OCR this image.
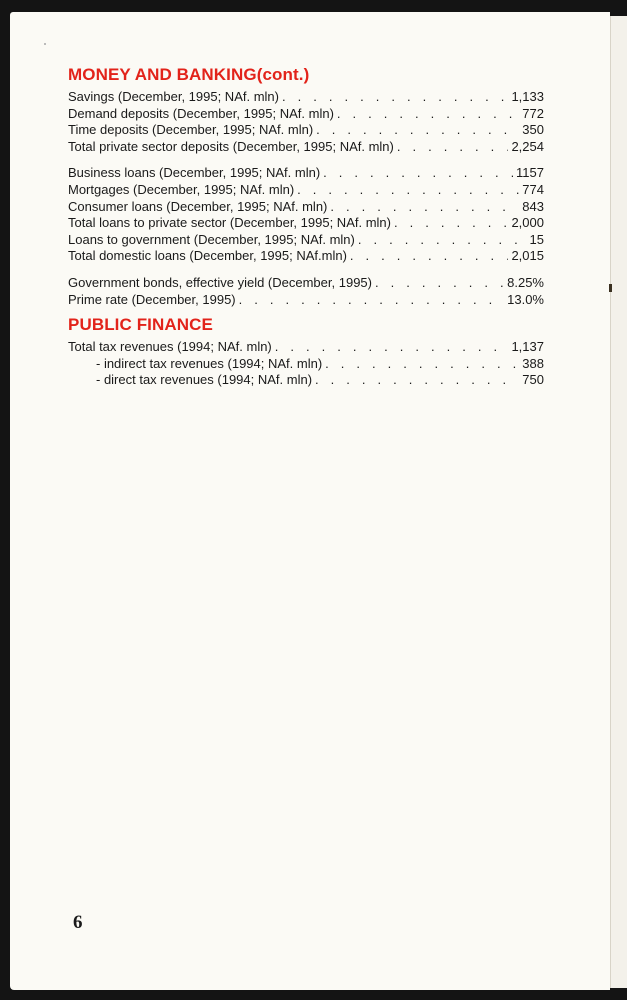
MONEY AND BANKING(cont.)
Savings (December, 1995; NAf. mln) . . .	1,133
Demand deposits (December, 1995; NAf. mln) . . .	772
Time deposits (December, 1995; NAf. mln) . . .	350
Total private sector deposits (December, 1995; NAf. mln) . . .	2,254
Business loans (December, 1995; NAf. mln) . . .	1157
Mortgages (December, 1995; NAf. mln) . . .	774
Consumer loans (December, 1995; NAf. mln) . . .	843
Total loans to private sector (December, 1995; NAf. mln) . . .	2,000
Loans to government (December, 1995; NAf. mln) . . .	15
Total domestic loans (December, 1995; NAf.mln) . . .	2,015
Government bonds, effective yield (December, 1995) . . .	8.25%
Prime rate (December, 1995) . . .	13.0%
PUBLIC FINANCE
Total tax revenues (1994; NAf. mln) . . .	1,137
- indirect tax revenues (1994; NAf. mln) . . .	388
- direct tax revenues (1994; NAf. mln) . . .	750
6
